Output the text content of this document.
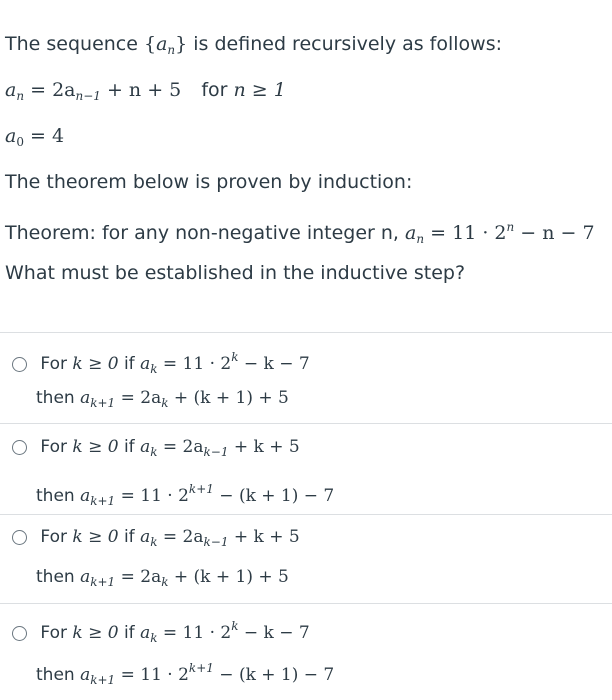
The sequence $\{a_n\}$ is defined recursively as follows:
$a_n = 2a_{n-1} + n + 5$ for n ≥ 1
$a_0 = 4$
The theorem below is proven by induction:
Theorem: for any non-negative integer n, $a_n = 11 \cdot 2^n - n - 7$
What must be established in the inductive step?
For k ≥ 0 if $a_k = 11 \cdot 2^k - k - 7$
then $a_{k+1} = 2a_k + (k + 1) + 5$
For k ≥ 0 if $a_k = 2a_{k-1} + k + 5$
then $a_{k+1} = 11 \cdot 2^{k+1} - (k + 1) - 7$
For k ≥ 0 if $a_k = 2a_{k-1} + k + 5$
then $a_{k+1} = 2a_k + (k + 1) + 5$
For k ≥ 0 if $a_k = 11 \cdot 2^k - k - 7$
then $a_{k+1} = 11 \cdot 2^{k+1} - (k + 1) - 7$
